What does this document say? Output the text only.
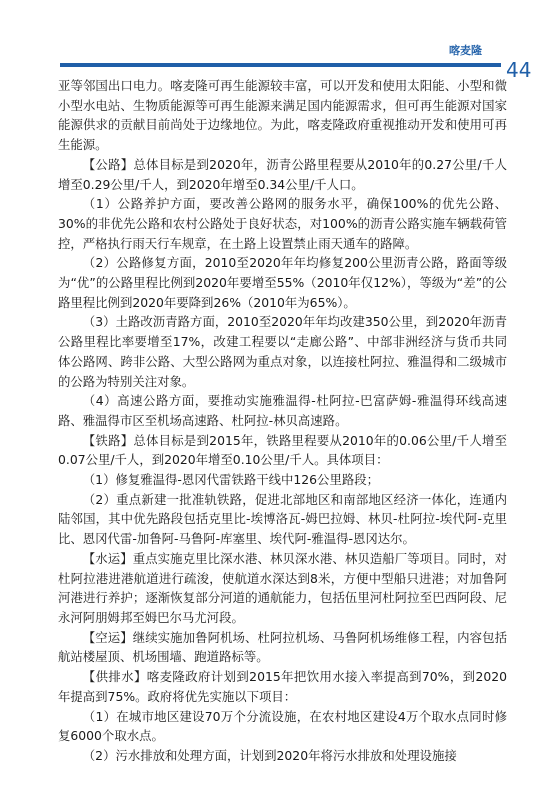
喀麦隆
44

亚等邻国出口电力。喀麦隆可再生能源较丰富，可以开发和使用太阳能、小型和微小型水电站、生物质能源等可再生能源来满足国内能源需求，但可再生能源对国家能源供求的贡献目前尚处于边缘地位。为此，喀麦隆政府重视推动开发和使用可再生能源。

【公路】总体目标是到2020年，沥青公路里程要从2010年的0.27公里/千人增至0.29公里/千人，到2020年增至0.34公里/千人口。

（1）公路养护方面，要改善公路网的服务水平，确保100%的优先公路、30%的非优先公路和农村公路处于良好状态，对100%的沥青公路实施车辆载荷管控，严格执行雨天行车规章，在土路上设置禁止雨天通车的路障。

（2）公路修复方面，2010至2020年年均修复200公里沥青公路，路面等级为“优”的公路里程比例到2020年要增至55%（2010年仅12%），等级为“差”的公路里程比例到2020年要降到26%（2010年为65%）。

（3）土路改沥青路方面，2010至2020年年均改建350公里，到2020年沥青公路里程比率要增至17%，改建工程要以“走廊公路”、中部非洲经济与货币共同体公路网、跨非公路、大型公路网为重点对象，以连接杜阿拉、雅温得和二级城市的公路为特别关注对象。

（4）高速公路方面，要推动实施雅温得-杜阿拉-巴富萨姆-雅温得环线高速路、雅温得市区至机场高速路、杜阿拉-林贝高速路。

【铁路】总体目标是到2015年，铁路里程要从2010年的0.06公里/千人增至0.07公里/千人，到2020年增至0.10公里/千人。具体项目：

（1）修复雅温得-恩冈代雷铁路干线中126公里路段；

（2）重点新建一批准轨铁路，促进北部地区和南部地区经济一体化，连通内陆邻国，其中优先路段包括克里比-埃博洛瓦-姆巴拉姆、林贝-杜阿拉-埃代阿-克里比、恩冈代雷-加鲁阿-马鲁阿-库塞里、埃代阿-雅温得-恩冈达尔。

【水运】重点实施克里比深水港、林贝深水港、林贝造船厂等项目。同时，对杜阿拉港进港航道进行疏浚，使航道水深达到8米，方便中型船只进港；对加鲁阿河港进行养护；逐渐恢复部分河道的通航能力，包括伍里河杜阿拉至巴西阿段、尼永河阿朋姆邦至姆巴尔马尤河段。

【空运】继续实施加鲁阿机场、杜阿拉机场、马鲁阿机场维修工程，内容包括航站楼屋顶、机场围墙、跑道路标等。

【供排水】喀麦隆政府计划到2015年把饮用水接入率提高到70%，到2020年提高到75%。政府将优先实施以下项目：

（1）在城市地区建设70万个分流设施，在农村地区建设4万个取水点同时修复6000个取水点。

（2）污水排放和处理方面，计划到2020年将污水排放和处理设施接
